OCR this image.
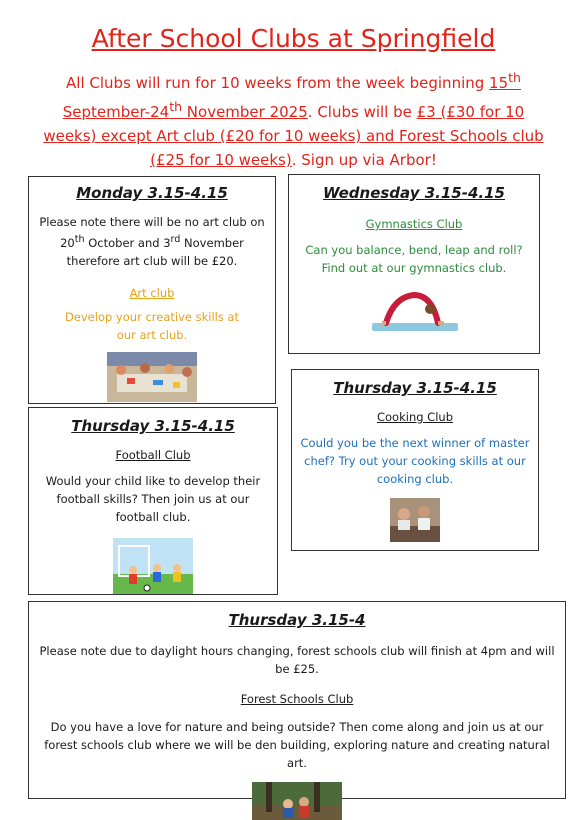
After School Clubs at Springfield
All Clubs will run for 10 weeks from the week beginning 15th September-24th November 2025. Clubs will be £3 (£30 for 10 weeks) except Art club (£20 for 10 weeks) and Forest Schools club (£25 for 10 weeks). Sign up via Arbor!
Monday 3.15-4.15

Please note there will be no art club on
20th October and 3rd November
therefore art club will be £20.

Art club

Develop your creative skills at our art club.

Wednesday 3.15-4.15

Gymnastics Club

Can you balance, bend, leap and roll? Find out at our gymnastics club.

Thursday 3.15-4.15

Cooking Club

Could you be the next winner of master chef? Try out your cooking skills at our cooking club.

Thursday 3.15-4.15

Football Club

Would your child like to develop their football skills? Then join us at our football club.

Thursday 3.15-4

Please note due to daylight hours changing, forest schools club will finish at 4pm and will be £25.

Forest Schools Club

Do you have a love for nature and being outside? Then come along and join us at our forest schools club where we will be den building, exploring nature and creating natural art.
